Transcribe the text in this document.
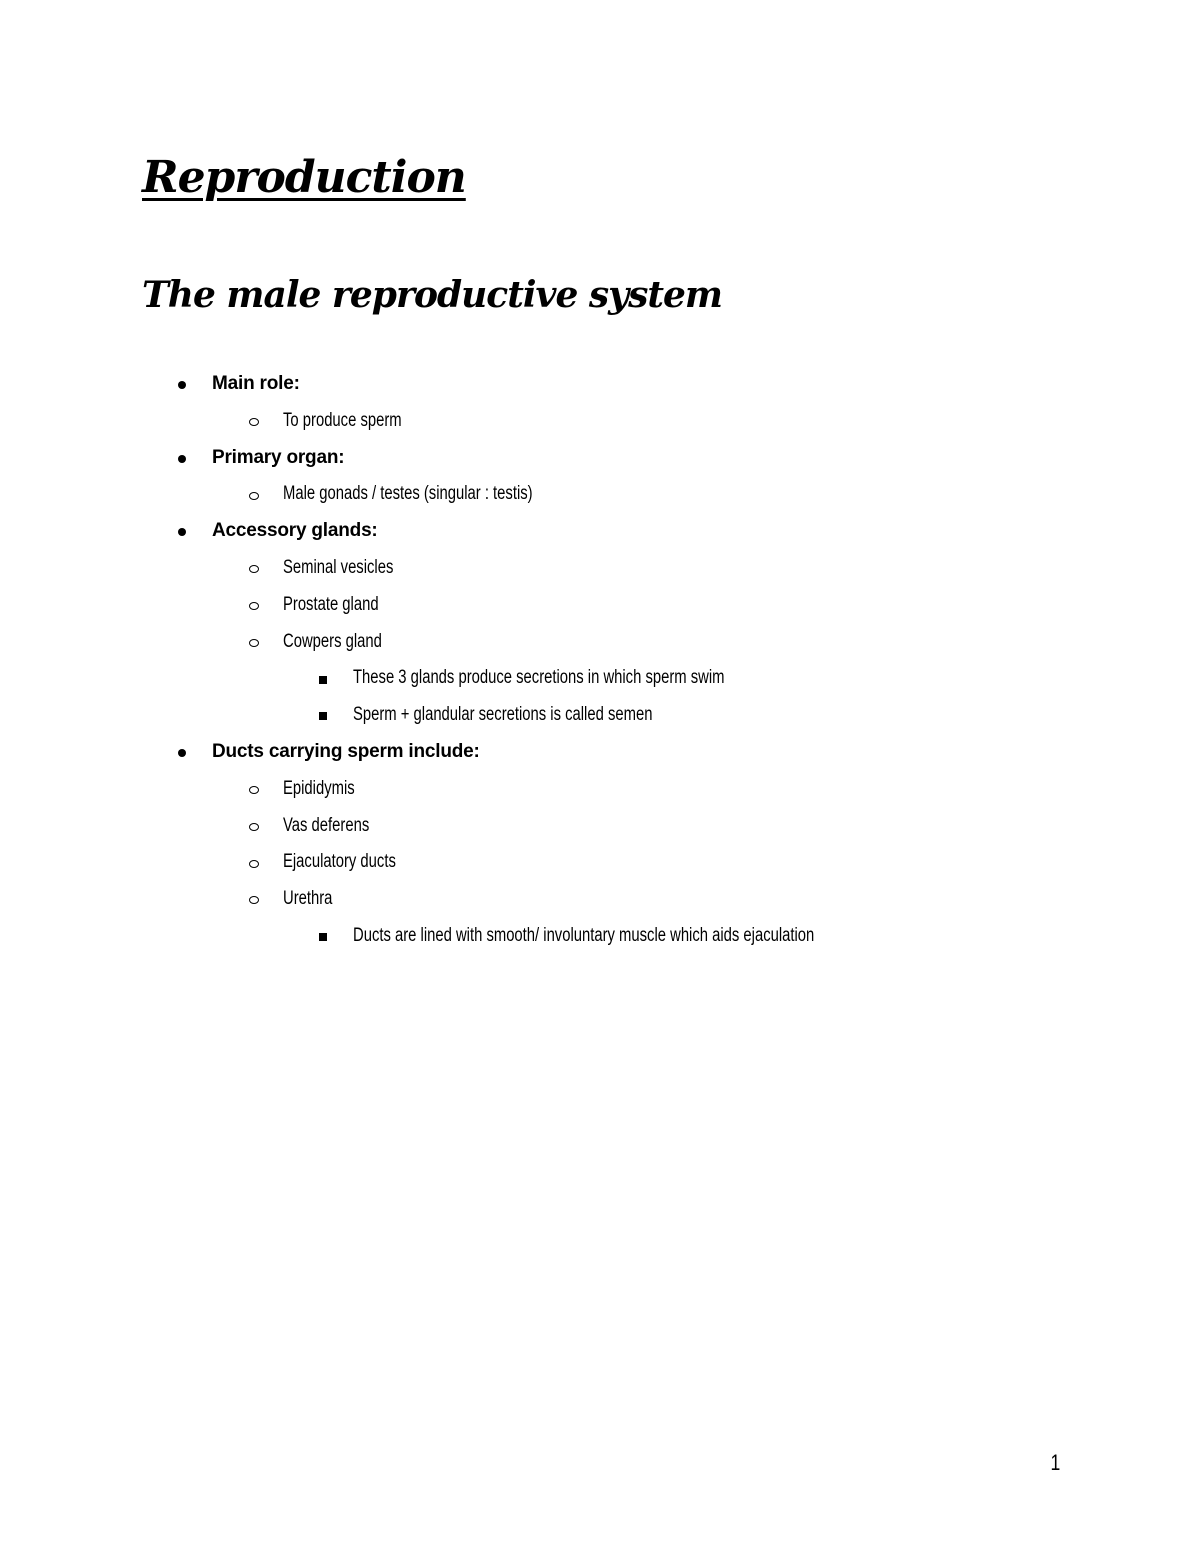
Reproduction
The male reproductive system
Main role:
To produce sperm
Primary organ:
Male gonads / testes (singular : testis)
Accessory glands:
Seminal vesicles
Prostate gland
Cowpers gland
These 3 glands produce secretions in which sperm swim
Sperm + glandular secretions is called semen
Ducts carrying sperm include:
Epididymis
Vas deferens
Ejaculatory ducts
Urethra
Ducts are lined with smooth/ involuntary muscle which aids ejaculation
1
